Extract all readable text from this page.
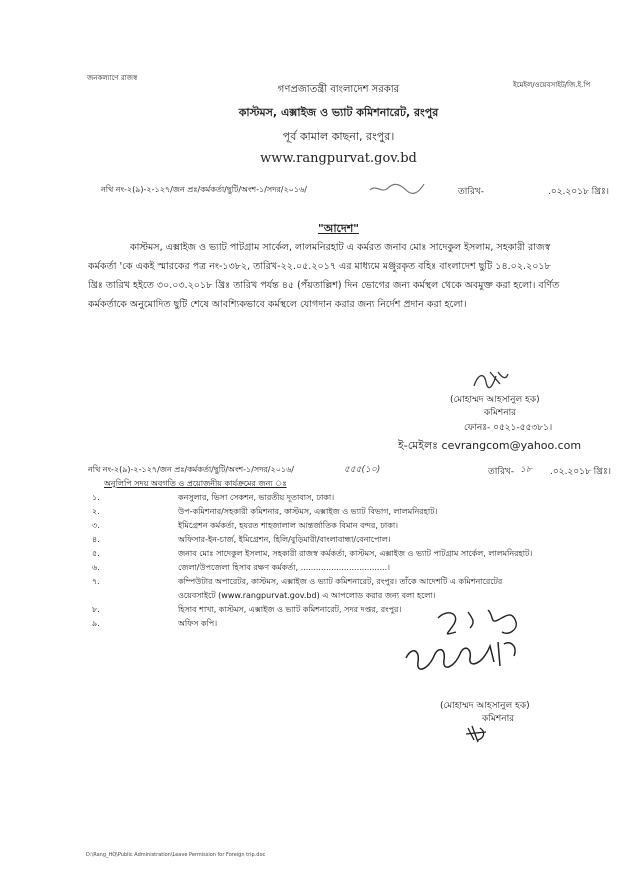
জনকল্যাণে রাজস্ব
ইমেইল/ওয়েবসাইট/জি.ই.পি
গণপ্রজাতন্ত্রী বাংলাদেশ সরকার
কাস্টমস, এক্সাইজ ও ভ্যাট কমিশনারেট, রংপুর
পূর্ব কামাল কাছনা, রংপুর।
www.rangpurvat.gov.bd
নথি নং-২(৯)-২-১২৭/জন প্রঃ/কর্মকর্তা/ছুটি/অংশ-১/সদর/২০১৬/	তারিখ-	.০২.২০১৮ খ্রিঃ।
"আদেশ"
কাস্টমস, এক্সাইজ ও ভ্যাট পাটগ্রাম সার্কেল, লালমনিরহাট এ কর্মরত জনাব মোঃ সাদেকুল ইসলাম, সহকারী রাজস্ব
কর্মকর্তা 'কে একই স্মারকের পত্র নং-১৩৮২, তারিখ-২২.০৫.২০১৭ এর মাধ্যমে মঞ্জুরকৃত বহিঃ বাংলাদেশ ছুটি ১৪.০২.২০১৮
খ্রিঃ তারিখ হইতে ৩০.০৩.২০১৮ খ্রিঃ তারিখ পর্যন্ত ৪৫ (পঁয়তাল্লিশ) দিন ভোগের জন্য কর্মস্থল থেকে অবমুক্ত করা হলো। বর্ণিত
কর্মকর্তাকে অনুমোদিত ছুটি শেষে আবশ্যিকভাবে কর্মস্থলে যোগদান করার জন্য নির্দেশ প্রদান করা হলো।
(মোহাম্মদ আহসানুল হক)
কমিশনার
ফোনঃ- ০৫২১-৫৫৩৮১।
ই-মেইলঃ cevrangcom@yahoo.com
নথি নং-২(৯)-২-১২৭/জন প্রঃ/কর্মকর্তা/ছুটি/অংশ-১/সদর/২০১৬/	৫৫৫(১০)	তারিখ- ১৮ .০২.২০১৮ খ্রিঃ।
অনুলিপি সদয় অবগতি ও প্রয়োজনীয় কার্যক্রমের জন্য ঃ
১.	কনসুলার, ভিসা সেকশন, ভারতীয় দূতাবাস, ঢাকা।
২.	উপ-কমিশনার/সহকারী কমিশনার, কাস্টমস, এক্সাইজ ও ভ্যাট বিভাগ, লালমনিরহাট।
৩.	ইমিগ্রেশন কর্মকর্তা, হযরত শাহজালাল আন্তর্জাতিক বিমান বন্দর, ঢাকা।
৪.	অফিসার-ইন-চার্জ, ইমিগ্রেশন, হিলি/বুড়িমারী/বাংলাবান্ধা/বেনাপোল।
৫.	জনাব মোঃ সাদেকুল ইসলাম, সহকারী রাজস্ব কর্মকর্তা, কাস্টমস, এক্সাইজ ও ভ্যাট পাটগ্রাম সার্কেল, লালমনিরহাট।
৬.	জেলা/উপজেলা হিসাব রক্ষণ কর্মকর্তা, ..................................।
৭.	কম্পিউটার অপারেটর, কাস্টমস, এক্সাইজ ও ভ্যাট কমিশনারেট, রংপুর। তাঁকে আদেশটি এ কমিশনারেটের
ওয়েবসাইটে (www.rangpurvat.gov.bd) এ আপলোড করার জন্য বলা হলো।
৮.	হিসাব শাখা, কাস্টমস, এক্সাইজ ও ভ্যাট কমিশনারেট, সদর দপ্তর, রংপুর।
৯.	অফিস কপি।
(মোহাম্মদ আহসানুল হক)
কমিশনার
D:\Rang_HQ\Public Administration\Leave Permission for Foreign trip.doc
